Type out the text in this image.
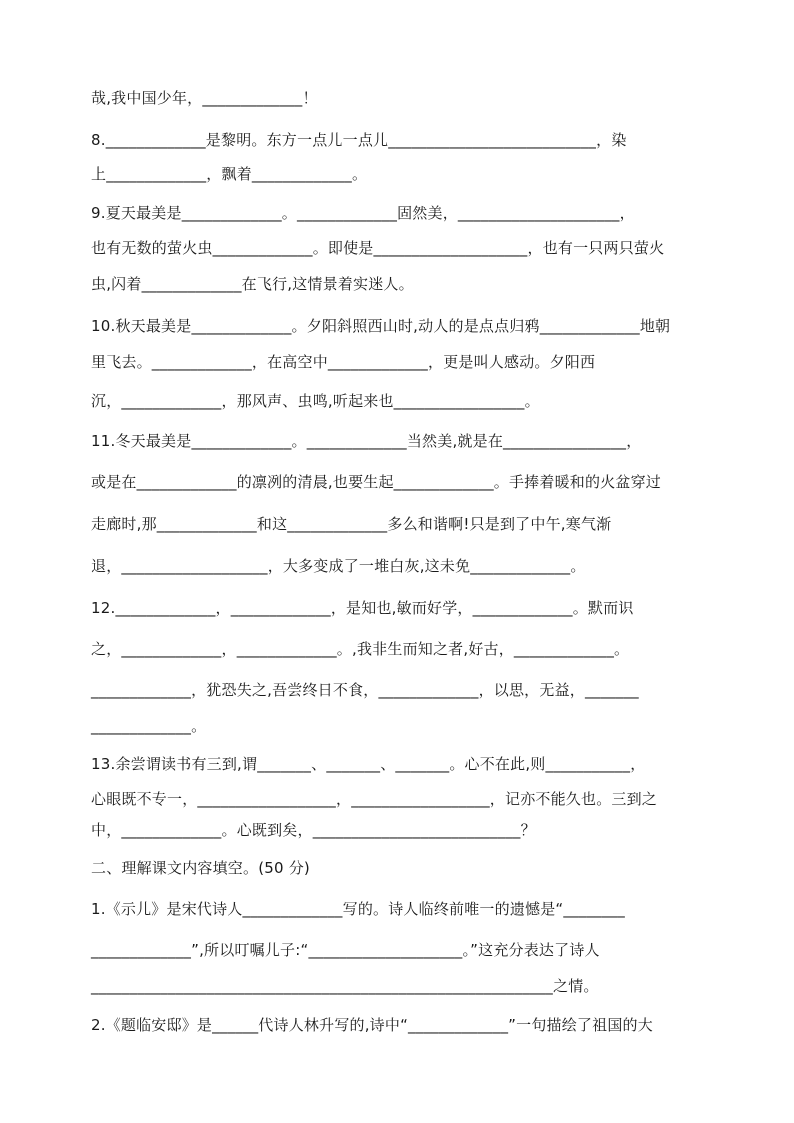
哉,我中国少年，_____________！
8._____________是黎明。东方一点儿一点儿___________________________，染
上_____________，飘着_____________。
9.夏天最美是_____________。_____________固然美，_____________________，
也有无数的萤火虫_____________。即使是____________________，也有一只两只萤火
虫,闪着_____________在飞行,这情景着实迷人。
10.秋天最美是_____________。夕阳斜照西山时,动人的是点点归鸦_____________地朝
里飞去。_____________，在高空中_____________，更是叫人感动。夕阳西
沉，_____________，那风声、虫鸣,听起来也_________________。
11.冬天最美是_____________。_____________当然美,就是在________________，
或是在_____________的凛冽的清晨,也要生起_____________。手捧着暖和的火盆穿过
走廊时,那_____________和这_____________多么和谐啊!只是到了中午,寒气渐
退，___________________，大多变成了一堆白灰,这未免_____________。
12._____________，_____________，是知也,敏而好学，_____________。默而识
之，_____________，_____________。,我非生而知之者,好古，_____________。
_____________，犹恐失之,吾尝终日不食，_____________，以思，无益，_______
_____________。
13.余尝谓读书有三到,谓_______、_______、_______。心不在此,则___________，
心眼既不专一，__________________，__________________，记亦不能久也。三到之
中，_____________。心既到矣，___________________________？
二、理解课文内容填空。(50 分)
1.《示儿》是宋代诗人_____________写的。诗人临终前唯一的遗憾是“________
_____________”,所以叮嘱儿子:“____________________。”这充分表达了诗人
____________________________________________________________之情。
2.《题临安邸》是______代诗人林升写的,诗中“_____________”一句描绘了祖国的大
